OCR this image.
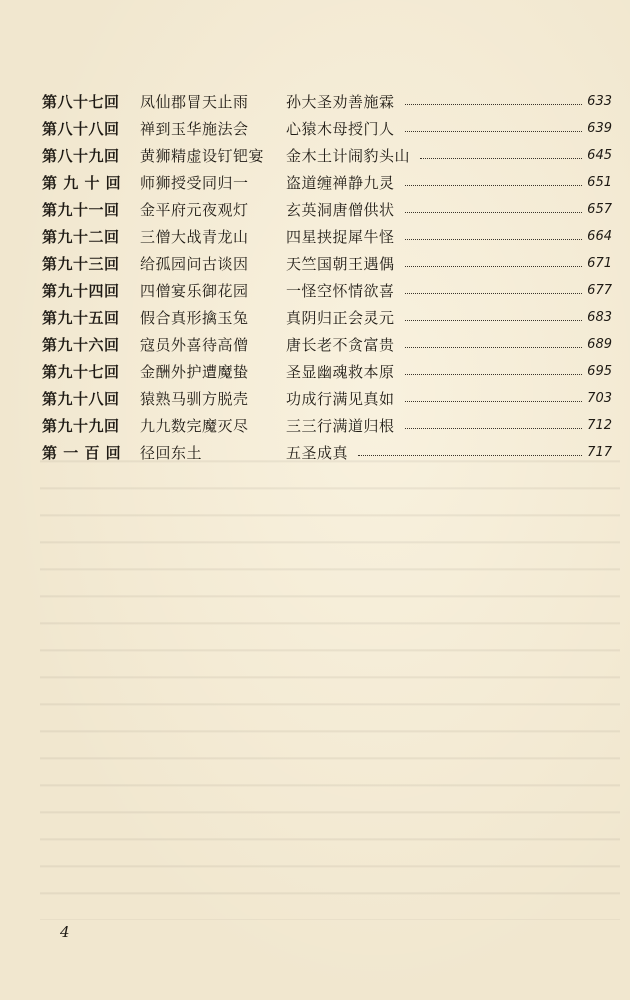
第八十七回	凤仙郡冒天止雨	孙大圣劝善施霖	633
第八十八回	禅到玉华施法会	心猿木母授门人	639
第八十九回	黄狮精虚设钉钯宴	金木土计闹豹头山	645
第 九 十 回	师狮授受同归一	盗道缠禅静九灵	651
第九十一回	金平府元夜观灯	玄英洞唐僧供状	657
第九十二回	三僧大战青龙山	四星挟捉犀牛怪	664
第九十三回	给孤园问古谈因	天竺国朝王遇偶	671
第九十四回	四僧宴乐御花园	一怪空怀情欲喜	677
第九十五回	假合真形擒玉兔	真阴归正会灵元	683
第九十六回	寇员外喜待高僧	唐长老不贪富贵	689
第九十七回	金酬外护遭魔蛰	圣显幽魂救本原	695
第九十八回	猿熟马驯方脱壳	功成行满见真如	703
第九十九回	九九数完魔灭尽	三三行满道归根	712
第 一 百 回	径回东土	五圣成真	717
4
